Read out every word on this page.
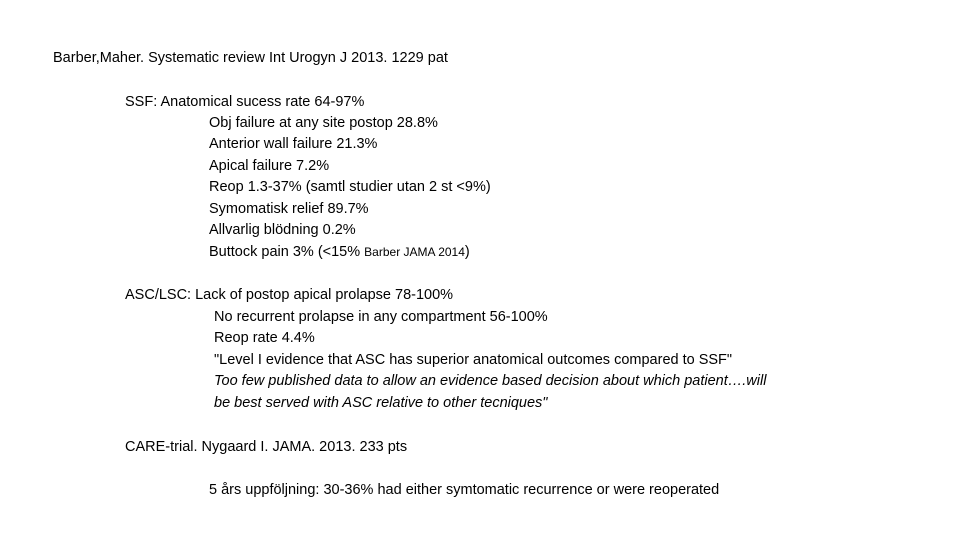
Barber,Maher. Systematic review Int Urogyn J 2013. 1229 pat
SSF: Anatomical sucess rate 64-97%
Obj failure at any site postop 28.8%
Anterior wall failure 21.3%
Apical failure 7.2%
Reop 1.3-37% (samtl studier utan 2 st <9%)
Symomatisk relief 89.7%
Allvarlig blödning 0.2%
Buttock pain 3% (<15% Barber JAMA 2014)
ASC/LSC: Lack of postop apical prolapse 78-100%
No recurrent prolapse in any compartment 56-100%
Reop rate 4.4%
"Level I evidence that ASC has superior anatomical outcomes compared to SSF"
Too few published data to allow an evidence based decision about which patient….will
be best served with ASC relative to other tecniques"
CARE-trial. Nygaard I. JAMA. 2013. 233 pts
5 års uppföljning: 30-36% had either symtomatic recurrence or were reoperated
